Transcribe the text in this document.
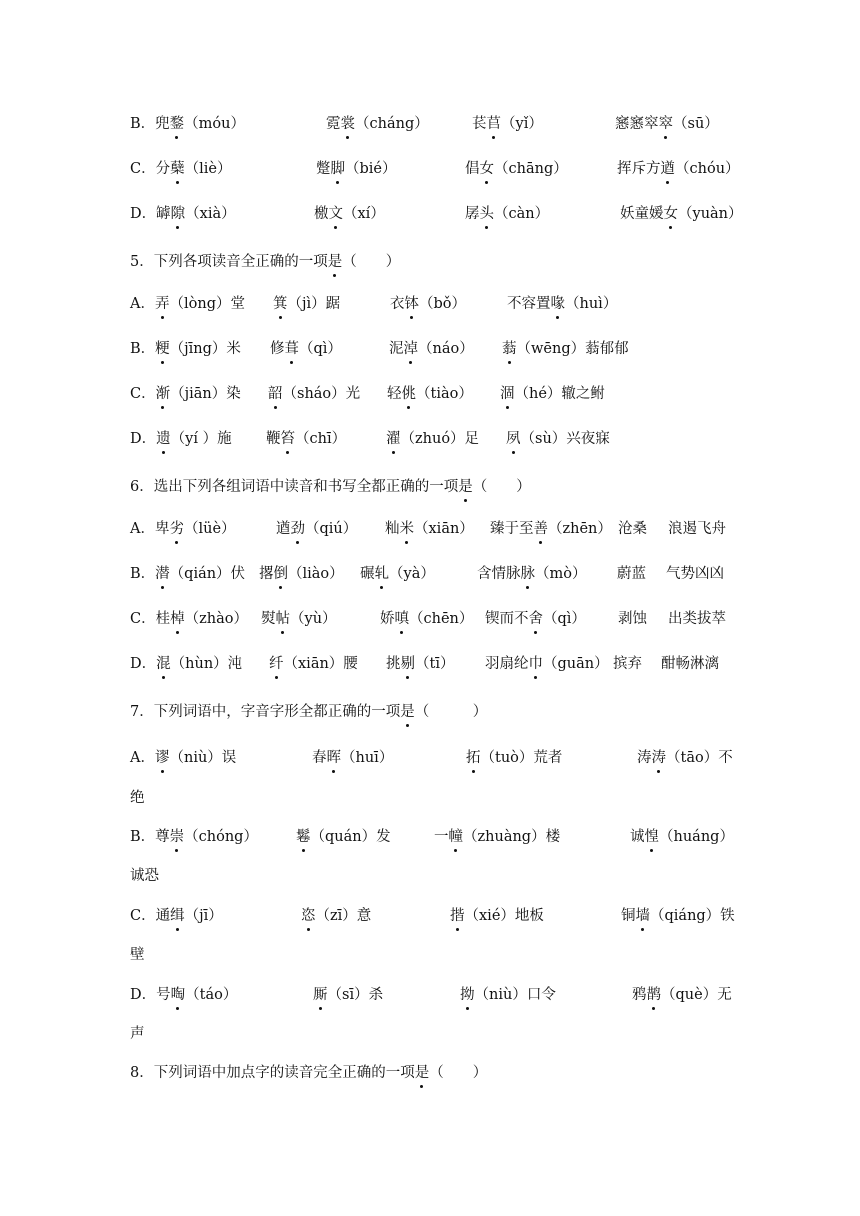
B．兜鍪（móu）	霓裳（cháng）	苌苢（yǐ）	窸窸窣窣（sū）
C．分蘖（liè）	蹩脚（bié）	倡女（chāng）	挥斥方遒（chóu）
D．罅隙（xià）	檄文（xí）	孱头（càn）	妖童媛女（yuàn）
5．下列各项读音全正确的一项是（　　）
A．弄（lòng）堂 箕（jì）踞	衣钵（bǒ）	不容置喙（huì）
B．粳（jīng）米 修葺（qì）	泥淖（náo） 蓊（wēng）蓊郁郁
C．渐（jiān）染 韶（sháo）光 轻佻（tiào） 涸（hé）辙之鲋
D．遗（yí ）施 鞭笞（chī）	濯（zhuó）足 夙（sù）兴夜寐
6．选出下列各组词语中读音和书写全都正确的一项是（　　）
A．卑劣（lüè）	遒劲（qiú） 籼米（xiān） 臻于至善（zhēn） 沧桑 浪遏飞舟
B．潜（qián）伏 撂倒（liào） 碾轧（yà）	含情脉脉（mò） 蔚蓝 气势凶凶
C．桂棹（zhào） 熨帖（yù）	娇嗔（chēn） 锲而不舍（qì） 剥蚀 出类拔萃
D．混（hùn）沌 纤（xiān）腰 挑剔（tī） 羽扇纶巾（guān） 摈弃 酣畅淋漓
7．下列词语中，字音字形全都正确的一项是（　　　）
A．谬（niù）误	春晖（huī）	拓（tuò）荒者	涛涛（tāo）不
绝
B．尊崇（chóng）	鬈（quán）发	一幢（zhuàng）楼	诚惶（huáng）
诚恐
C．通缉（jī）	恣（zī）意	揩（xié）地板	铜墙（qiáng）铁
壁
D．号啕（táo）	厮（sī）杀	拗（niù）口令	鸦鹊（què）无
声
8．下列词语中加点字的读音完全正确的一项是（　　）
